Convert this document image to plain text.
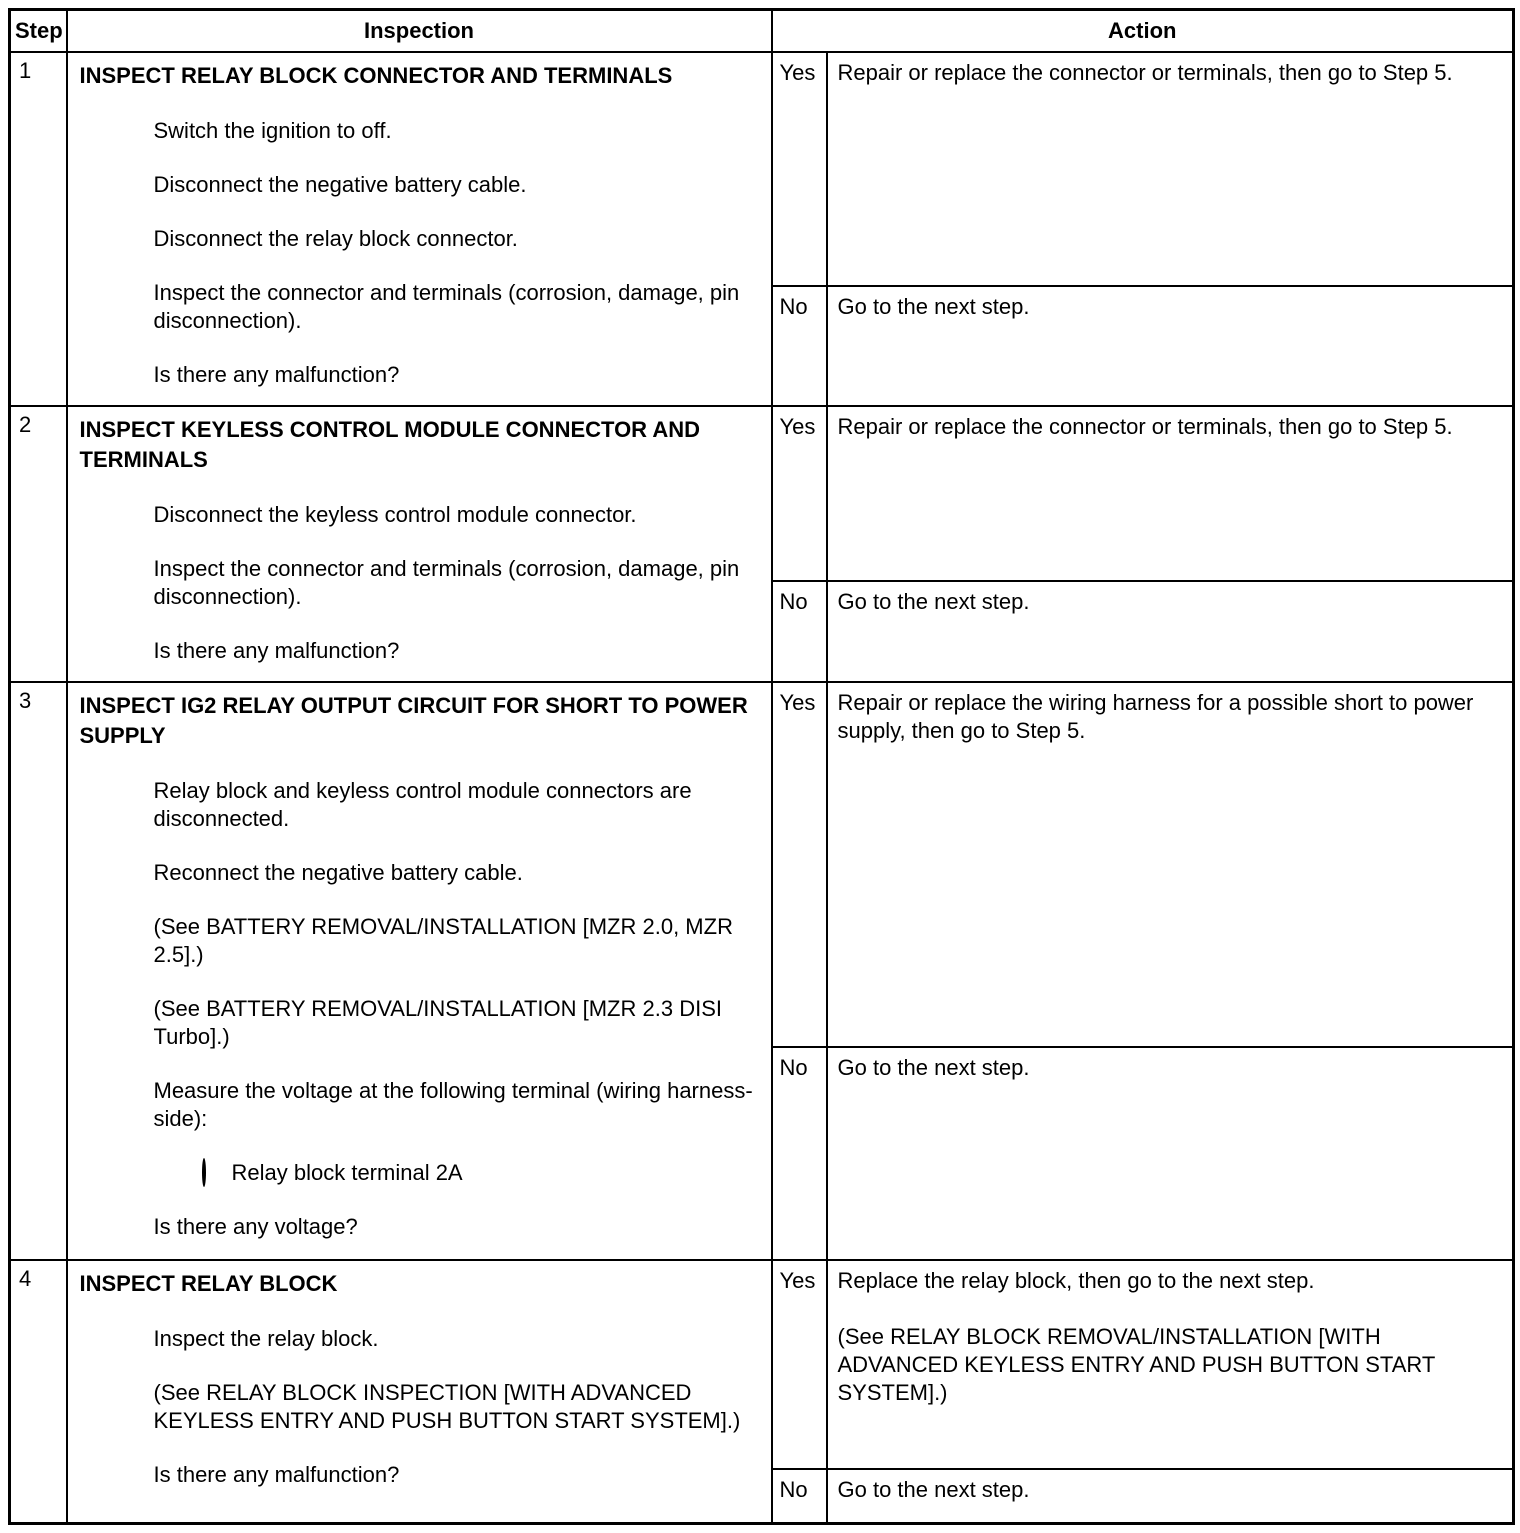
Step	Inspection	Action	
1	INSPECT RELAY BLOCK CONNECTOR AND TERMINALS
Switch the ignition to off.
Disconnect the negative battery cable.
Disconnect the relay block connector.
Inspect the connector and terminals (corrosion, damage, pin disconnection).
Is there any malfunction?
	Yes	Repair or replace the connector or terminals, then go to Step 5.

		No	Go to the next step.

2	INSPECT KEYLESS CONTROL MODULE CONNECTOR AND TERMINALS
Disconnect the keyless control module connector.
Inspect the connector and terminals (corrosion, damage, pin disconnection).
Is there any malfunction?	Yes	Repair or replace the connector or terminals, then go to Step 5.

		No	Go to the next step.

3	INSPECT IG2 RELAY OUTPUT CIRCUIT FOR SHORT TO POWER SUPPLY
Relay block and keyless control module connectors are disconnected.
Reconnect the negative battery cable.
(See BATTERY REMOVAL/INSTALLATION [MZR 2.0, MZR 2.5].)
(See BATTERY REMOVAL/INSTALLATION [MZR 2.3 DISI Turbo].)
Measure the voltage at the following terminal (wiring harness-side):
Relay block terminal 2A
Is there any voltage?
	Yes	Repair or replace the wiring harness for a possible short to power supply, then go to Step 5.

		No	Go to the next step.

4	INSPECT RELAY BLOCK
Inspect the relay block.
(See RELAY BLOCK INSPECTION [WITH ADVANCED KEYLESS ENTRY AND PUSH BUTTON START SYSTEM].)
Is there any malfunction?
	Yes	Replace the relay block, then go to the next step.
(See RELAY BLOCK REMOVAL/INSTALLATION [WITH ADVANCED KEYLESS ENTRY AND PUSH BUTTON START SYSTEM].)

		No	Go to the next step.
